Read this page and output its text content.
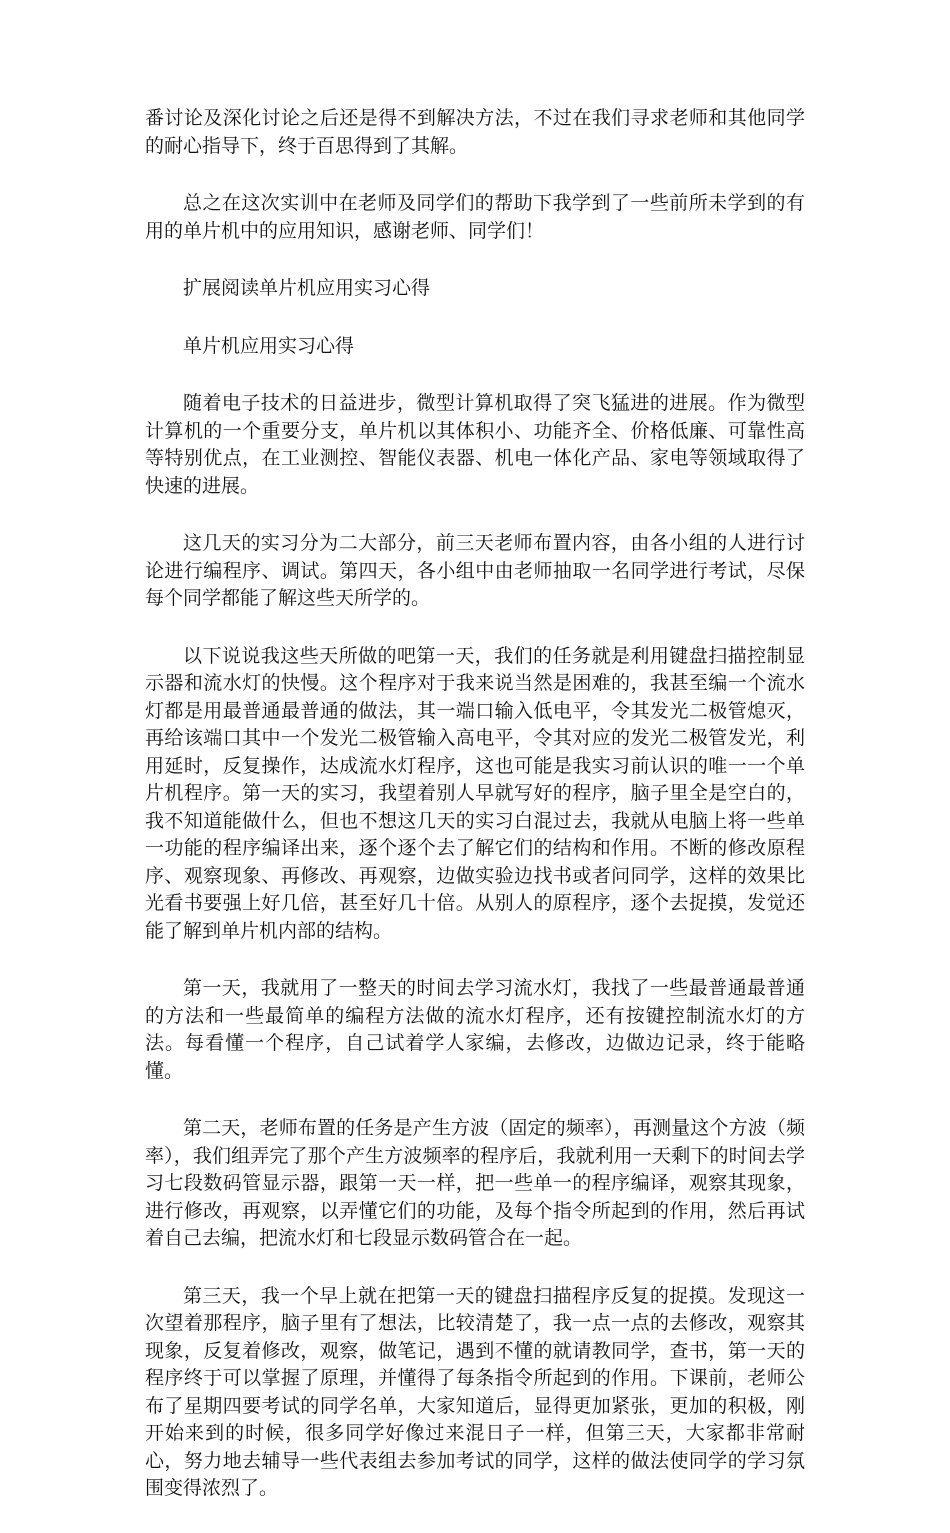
番讨论及深化讨论之后还是得不到解决方法，不过在我们寻求老师和其他同学的耐心指导下，终于百思得到了其解。

总之在这次实训中在老师及同学们的帮助下我学到了一些前所未学到的有用的单片机中的应用知识，感谢老师、同学们！

扩展阅读单片机应用实习心得

单片机应用实习心得

随着电子技术的日益进步，微型计算机取得了突飞猛进的进展。作为微型计算机的一个重要分支，单片机以其体积小、功能齐全、价格低廉、可靠性高等特别优点，在工业测控、智能仪表器、机电一体化产品、家电等领域取得了快速的进展。

这几天的实习分为二大部分，前三天老师布置内容，由各小组的人进行讨论进行编程序、调试。第四天，各小组中由老师抽取一名同学进行考试，尽保每个同学都能了解这些天所学的。

以下说说我这些天所做的吧第一天，我们的任务就是利用键盘扫描控制显示器和流水灯的快慢。这个程序对于我来说当然是困难的，我甚至编一个流水灯都是用最普通最普通的做法，其一端口输入低电平，令其发光二极管熄灭，再给该端口其中一个发光二极管输入高电平，令其对应的发光二极管发光，利用延时，反复操作，达成流水灯程序，这也可能是我实习前认识的唯一一个单片机程序。第一天的实习，我望着别人早就写好的程序，脑子里全是空白的，我不知道能做什么，但也不想这几天的实习白混过去，我就从电脑上将一些单一功能的程序编译出来，逐个逐个去了解它们的结构和作用。不断的修改原程序、观察现象、再修改、再观察，边做实验边找书或者问同学，这样的效果比光看书要强上好几倍，甚至好几十倍。从别人的原程序，逐个去捉摸，发觉还能了解到单片机内部的结构。

第一天，我就用了一整天的时间去学习流水灯，我找了一些最普通最普通的方法和一些最简单的编程方法做的流水灯程序，还有按键控制流水灯的方法。每看懂一个程序，自己试着学人家编，去修改，边做边记录，终于能略懂。

第二天，老师布置的任务是产生方波（固定的频率），再测量这个方波（频率），我们组弄完了那个产生方波频率的程序后，我就利用一天剩下的时间去学习七段数码管显示器，跟第一天一样，把一些单一的程序编译，观察其现象，进行修改，再观察，以弄懂它们的功能，及每个指令所起到的作用，然后再试着自己去编，把流水灯和七段显示数码管合在一起。

第三天，我一个早上就在把第一天的键盘扫描程序反复的捉摸。发现这一次望着那程序，脑子里有了想法，比较清楚了，我一点一点的去修改，观察其现象，反复着修改，观察，做笔记，遇到不懂的就请教同学，查书，第一天的程序终于可以掌握了原理，并懂得了每条指令所起到的作用。下课前，老师公布了星期四要考试的同学名单，大家知道后，显得更加紧张，更加的积极，刚开始来到的时候，很多同学好像过来混日子一样，但第三天，大家都非常耐心，努力地去辅导一些代表组去参加考试的同学，这样的做法使同学的学习氛围变得浓烈了。
